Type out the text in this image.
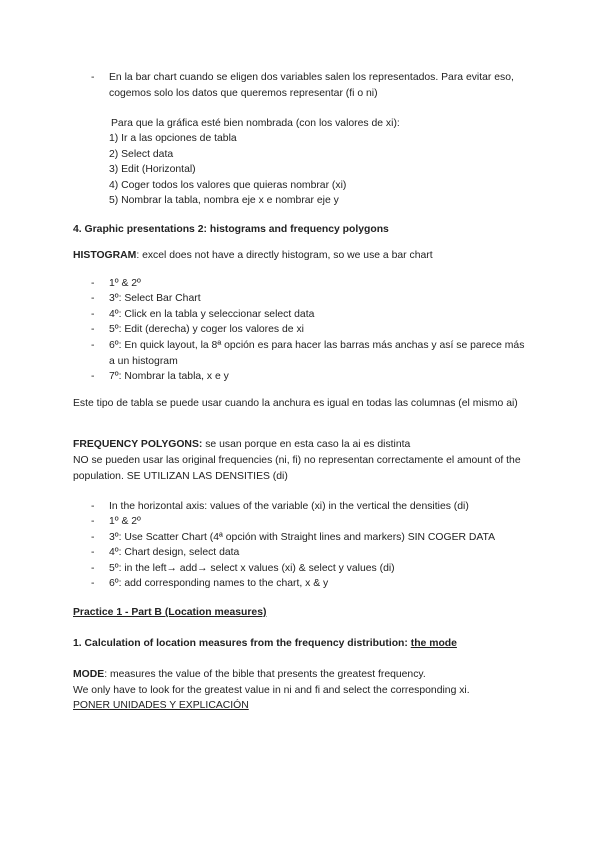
- En la bar chart cuando se eligen dos variables salen los representados. Para evitar eso, cogemos solo los datos que queremos representar (fi o ni)
Para que la gráfica esté bien nombrada (con los valores de xi):
1) Ir a las opciones de tabla
2) Select data
3) Edit (Horizontal)
4) Coger todos los valores que quieras nombrar (xi)
5) Nombrar la tabla, nombra eje x e nombrar eje y
4. Graphic presentations 2: histograms and frequency polygons
HISTOGRAM: excel does not have a directly histogram, so we use a bar chart
- 1º & 2º
- 3º: Select Bar Chart
- 4º: Click en la tabla y seleccionar select data
- 5º: Edit (derecha) y coger los valores de xi
- 6º: En quick layout, la 8ª opción es para hacer las barras más anchas y así se parece más a un histogram
- 7º: Nombrar la tabla, x e y
Este tipo de tabla se puede usar cuando la anchura es igual en todas las columnas (el mismo ai)
FREQUENCY POLYGONS: se usan porque en esta caso la ai es distinta
NO se pueden usar las original frequencies (ni, fi) no representan correctamente el amount of the population. SE UTILIZAN LAS DENSITIES (di)
- In the horizontal axis: values of the variable (xi) in the vertical the densities (di)
- 1º & 2º
- 3º: Use Scatter Chart (4ª opción with Straight lines and markers) SIN COGER DATA
- 4º: Chart design, select data
- 5º: in the left→ add→ select x values (xi) & select y values (di)
- 6º: add corresponding names to the chart, x & y
Practice 1 - Part B (Location measures)
1. Calculation of location measures from the frequency distribution: the mode
MODE: measures the value of the bible that presents the greatest frequency.
We only have to look for the greatest value in ni and fi and select the corresponding xi.
PONER UNIDADES Y EXPLICACIÓN
